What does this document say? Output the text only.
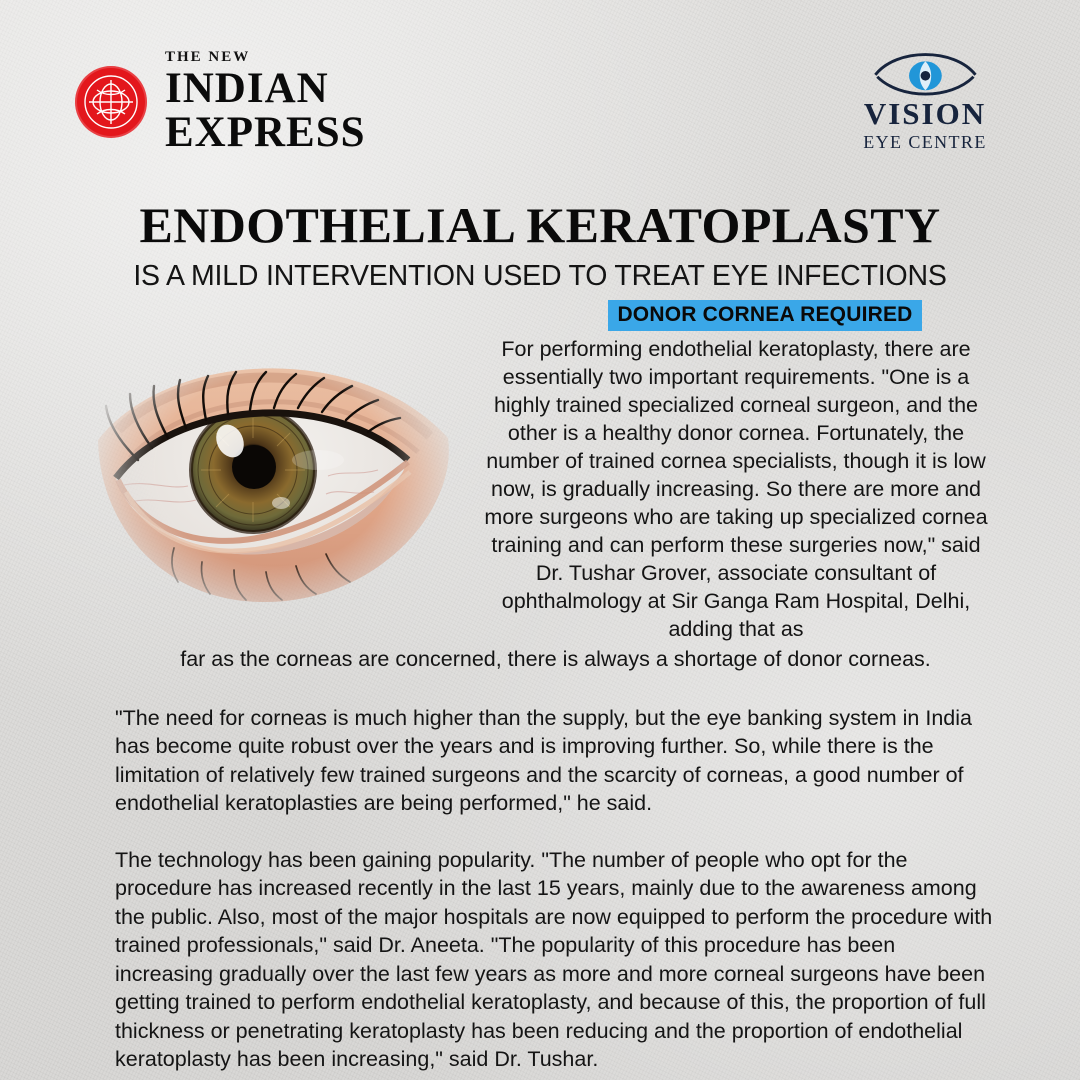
THE NEW
INDIAN
EXPRESS	VISION
EYE CENTRE
ENDOTHELIAL KERATOPLASTY
IS A MILD INTERVENTION USED TO TREAT EYE INFECTIONS
DONOR CORNEA REQUIRED
For performing endothelial keratoplasty, there are essentially two important requirements. "One is a highly trained specialized corneal surgeon, and the other is a healthy donor cornea. Fortunately, the number of trained cornea specialists, though it is low now, is gradually increasing. So there are more and more surgeons who are taking up specialized cornea training and can perform these surgeries now," said Dr. Tushar Grover, associate consultant of ophthalmology at Sir Ganga Ram Hospital, Delhi, adding that as
far as the corneas are concerned, there is always a shortage of donor corneas.
"The need for corneas is much higher than the supply, but the eye banking system in India has become quite robust over the years and is improving further. So, while there is the limitation of relatively few trained surgeons and the scarcity of corneas, a good number of endothelial keratoplasties are being performed," he said.
The technology has been gaining popularity. "The number of people who opt for the procedure has increased recently in the last 15 years, mainly due to the awareness among the public. Also, most of the major hospitals are now equipped to perform the procedure with trained professionals," said Dr. Aneeta. "The popularity of this procedure has been increasing gradually over the last few years as more and more corneal surgeons have been getting trained to perform endothelial keratoplasty, and because of this, the proportion of full thickness or penetrating keratoplasty has been reducing and the proportion of endothelial keratoplasty has been increasing," said Dr. Tushar.
